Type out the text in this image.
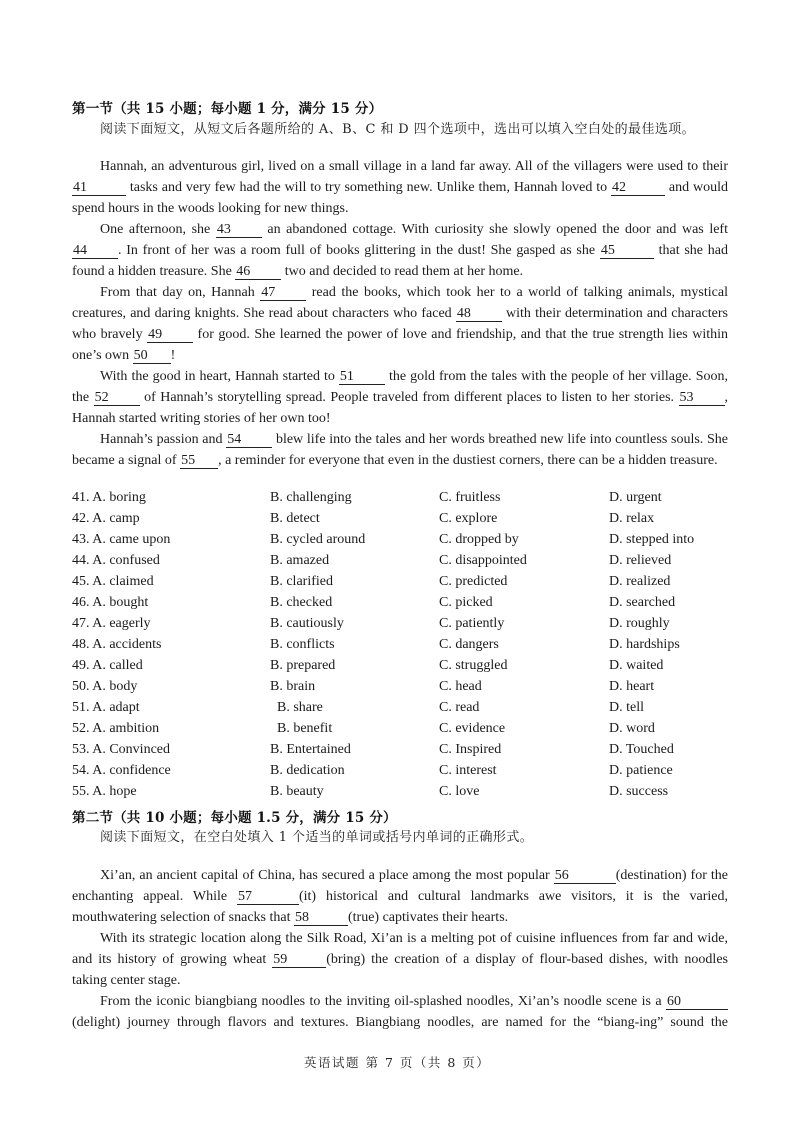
第一节（共 15 小题；每小题 1 分，满分 15 分）
阅读下面短文，从短文后各题所给的 A、B、C 和 D 四个选项中，选出可以填入空白处的最佳选项。
Hannah, an adventurous girl, lived on a small village in a land far away. All of the villagers were used to their
41	tasks and very few had the will to try something new. Unlike them, Hannah loved to 42	and would
spend hours in the woods looking for new things.
One afternoon, she 43 an abandoned cottage. With curiosity she slowly opened the door and was left
44 . In front of her was a room full of books glittering in the dust! She gasped as she 45	that she had
found a hidden treasure. She 46 two and decided to read them at her home.
From that day on, Hannah 47 read the books, which took her to a world of talking animals, mystical
creatures, and daring knights. She read about characters who faced 48 with their determination and characters
who bravely 49 for good. She learned the power of love and friendship, and that the true strength lies within
one’s own 50 !
With the good in heart, Hannah started to 51 the gold from the tales with the people of her village. Soon,
the 52 of Hannah’s storytelling spread. People traveled from different places to listen to her stories. 53 ,
Hannah started writing stories of her own too!
Hannah’s passion and 54 blew life into the tales and her words breathed new life into countless souls. She
became a signal of 55 , a reminder for everyone that even in the dustiest corners, there can be a hidden treasure.
41. A. boring	B. challenging	C. fruitless	D. urgent
42. A. camp	B. detect	C. explore	D. relax
43. A. came upon	B. cycled around	C. dropped by	D. stepped into
44. A. confused	B. amazed	C. disappointed	D. relieved
45. A. claimed	B. clarified	C. predicted	D. realized
46. A. bought	B. checked	C. picked	D. searched
47. A. eagerly	B. cautiously	C. patiently	D. roughly
48. A. accidents	B. conflicts	C. dangers	D. hardships
49. A. called	B. prepared	C. struggled	D. waited
50. A. body	B. brain	C. head	D. heart
51. A. adapt	B. share	C. read	D. tell
52. A. ambition	B. benefit	C. evidence	D. word
53. A. Convinced	B. Entertained	C. Inspired	D. Touched
54. A. confidence	B. dedication	C. interest	D. patience
55. A. hope	B. beauty	C. love	D. success
第二节（共 10 小题；每小题 1.5 分，满分 15 分）
阅读下面短文，在空白处填入 1 个适当的单词或括号内单词的正确形式。
Xi’an, an ancient capital of China, has secured a place among the most popular 56	(destination) for the
enchanting appeal. While 57	(it) historical and cultural landmarks awe visitors, it is the varied,
mouthwatering selection of snacks that 58	(true) captivates their hearts.
With its strategic location along the Silk Road, Xi’an is a melting pot of cuisine influences from far and wide,
and its history of growing wheat 59	(bring) the creation of a display of flour-based dishes, with noodles
taking center stage.
From the iconic biangbiang noodles to the inviting oil-splashed noodles, Xi’an’s noodle scene is a 60
(delight) journey through flavors and textures. Biangbiang noodles, are named for the “biang-ing” sound the
英语试题 第 7 页（共 8 页）
